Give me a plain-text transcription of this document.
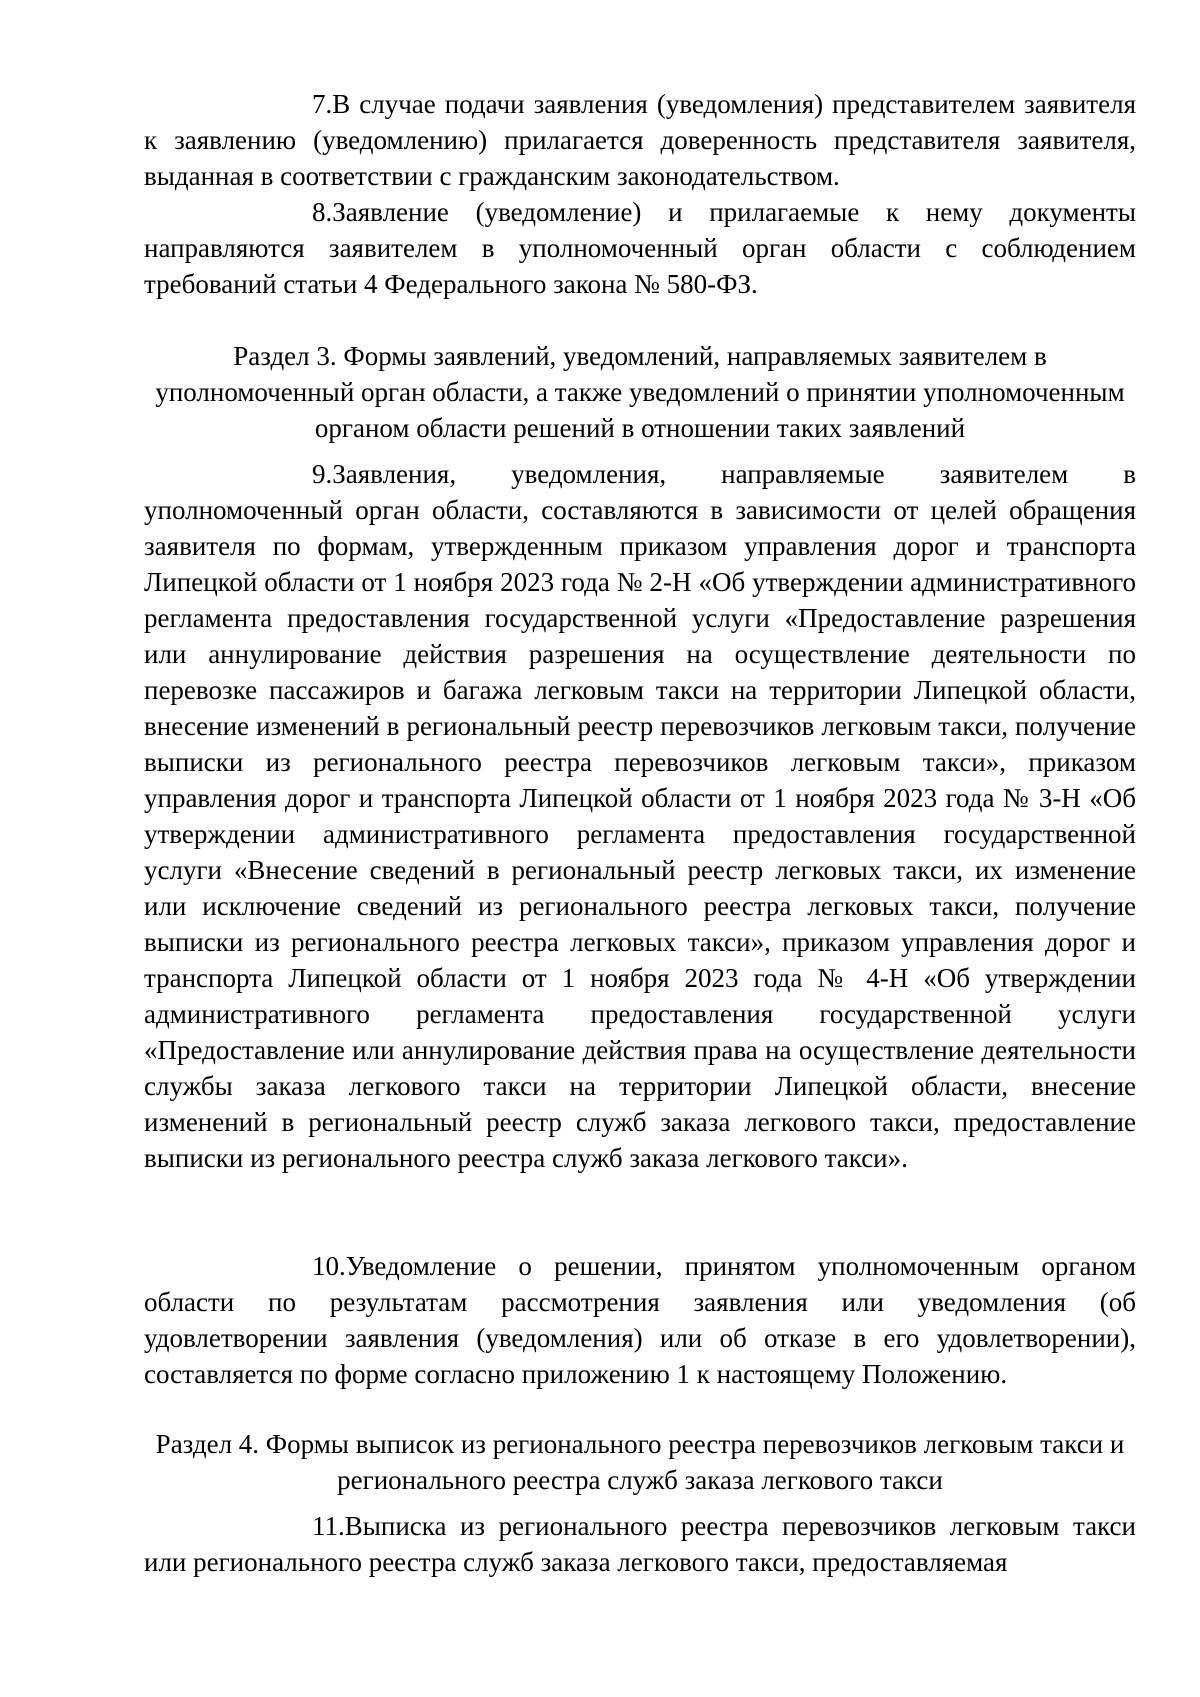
7.В случае подачи заявления (уведомления) представителем заявителя к заявлению (уведомлению) прилагается доверенность представителя заявителя, выданная в соответствии с гражданским законодательством.

8.Заявление (уведомление) и прилагаемые к нему документы направляются заявителем в уполномоченный орган области с соблюдением требований статьи 4 Федерального закона № 580-ФЗ.

Раздел 3. Формы заявлений, уведомлений, направляемых заявителем в уполномоченный орган области, а также уведомлений о принятии уполномоченным органом области решений в отношении таких заявлений

9.Заявления, уведомления, направляемые заявителем в уполномоченный орган области, составляются в зависимости от целей обращения заявителя по формам, утвержденным приказом управления дорог и транспорта Липецкой области от 1 ноября 2023 года № 2-Н «Об утверждении административного регламента предоставления государственной услуги «Предоставление разрешения или аннулирование действия разрешения на осуществление деятельности по перевозке пассажиров и багажа легковым такси на территории Липецкой области, внесение изменений в региональный реестр перевозчиков легковым такси, получение выписки из регионального реестра перевозчиков легковым такси», приказом управления дорог и транспорта Липецкой области от 1 ноября 2023 года № 3-Н «Об утверждении административного регламента предоставления государственной услуги «Внесение сведений в региональный реестр легковых такси, их изменение или исключение сведений из регионального реестра легковых такси, получение выписки из регионального реестра легковых такси», приказом управления дорог и транспорта Липецкой области от 1 ноября 2023 года № 4-Н «Об утверждении административного регламента предоставления государственной услуги «Предоставление или аннулирование действия права на осуществление деятельности службы заказа легкового такси на территории Липецкой области, внесение изменений в региональный реестр служб заказа легкового такси, предоставление выписки из регионального реестра служб заказа легкового такси».

10.Уведомление о решении, принятом уполномоченным органом области по результатам рассмотрения заявления или уведомления (об удовлетворении заявления (уведомления) или об отказе в его удовлетворении), составляется по форме согласно приложению 1 к настоящему Положению.

Раздел 4. Формы выписок из регионального реестра перевозчиков легковым такси и регионального реестра служб заказа легкового такси

11.Выписка из регионального реестра перевозчиков легковым такси или регионального реестра служб заказа легкового такси, предоставляемая
